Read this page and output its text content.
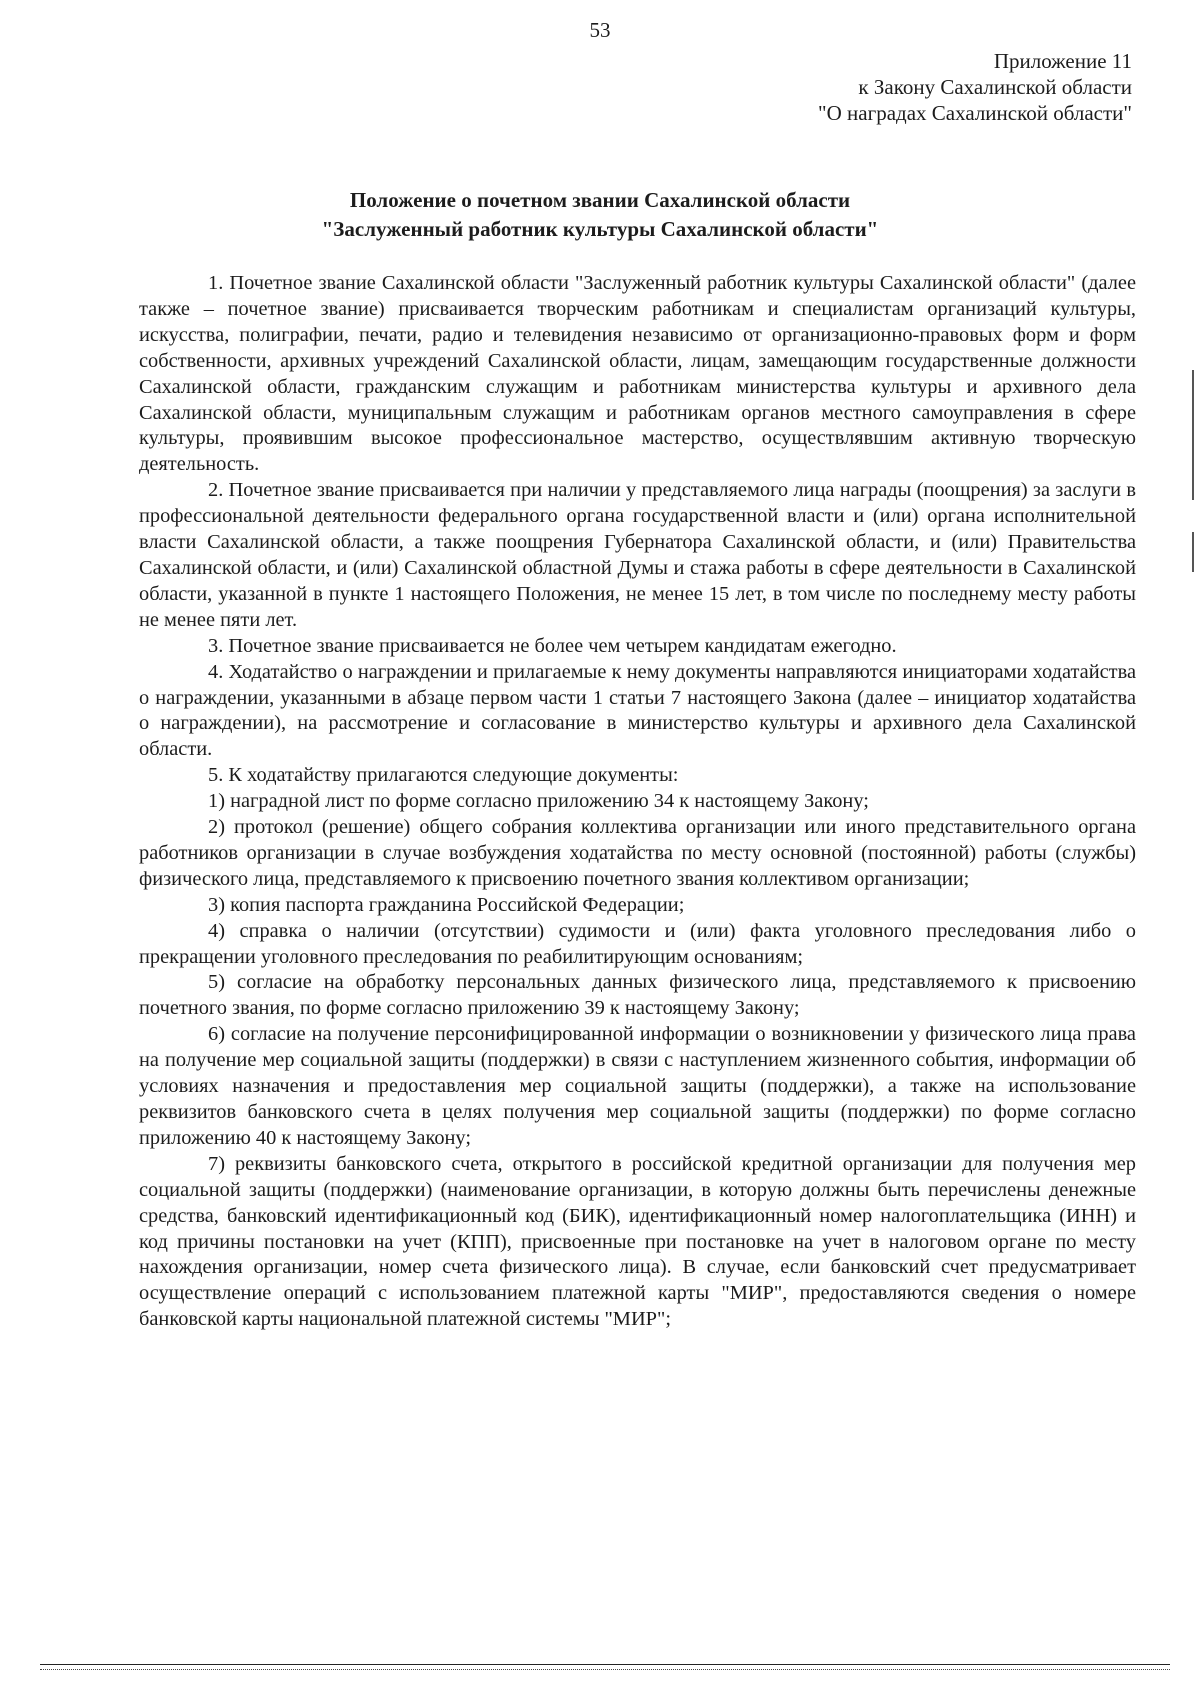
53
Приложение 11
к Закону Сахалинской области
"О наградах Сахалинской области"
Положение о почетном звании Сахалинской области
"Заслуженный работник культуры Сахалинской области"

1. Почетное звание Сахалинской области "Заслуженный работник культуры Сахалинской области" (далее также – почетное звание) присваивается творческим работникам и специалистам организаций культуры, искусства, полиграфии, печати, радио и телевидения независимо от организационно-правовых форм и форм собственности, архивных учреждений Сахалинской области, лицам, замещающим государственные должности Сахалинской области, гражданским служащим и работникам министерства культуры и архивного дела Сахалинской области, муниципальным служащим и работникам органов местного самоуправления в сфере культуры, проявившим высокое профессиональное мастерство, осуществлявшим активную творческую деятельность.

2. Почетное звание присваивается при наличии у представляемого лица награды (поощрения) за заслуги в профессиональной деятельности федерального органа государственной власти и (или) органа исполнительной власти Сахалинской области, а также поощрения Губернатора Сахалинской области, и (или) Правительства Сахалинской области, и (или) Сахалинской областной Думы и стажа работы в сфере деятельности в Сахалинской области, указанной в пункте 1 настоящего Положения, не менее 15 лет, в том числе по последнему месту работы не менее пяти лет.

3. Почетное звание присваивается не более чем четырем кандидатам ежегодно.

4. Ходатайство о награждении и прилагаемые к нему документы направляются инициаторами ходатайства о награждении, указанными в абзаце первом части 1 статьи 7 настоящего Закона (далее – инициатор ходатайства о награждении), на рассмотрение и согласование в министерство культуры и архивного дела Сахалинской области.

5. К ходатайству прилагаются следующие документы:

1) наградной лист по форме согласно приложению 34 к настоящему Закону;

2) протокол (решение) общего собрания коллектива организации или иного представительного органа работников организации в случае возбуждения ходатайства по месту основной (постоянной) работы (службы) физического лица, представляемого к присвоению почетного звания коллективом организации;

3) копия паспорта гражданина Российской Федерации;

4) справка о наличии (отсутствии) судимости и (или) факта уголовного преследования либо о прекращении уголовного преследования по реабилитирующим основаниям;

5) согласие на обработку персональных данных физического лица, представляемого к присвоению почетного звания, по форме согласно приложению 39 к настоящему Закону;

6) согласие на получение персонифицированной информации о возникновении у физического лица права на получение мер социальной защиты (поддержки) в связи с наступлением жизненного события, информации об условиях назначения и предоставления мер социальной защиты (поддержки), а также на использование реквизитов банковского счета в целях получения мер социальной защиты (поддержки) по форме согласно приложению 40 к настоящему Закону;

7) реквизиты банковского счета, открытого в российской кредитной организации для получения мер социальной защиты (поддержки) (наименование организации, в которую должны быть перечислены денежные средства, банковский идентификационный код (БИК), идентификационный номер налогоплательщика (ИНН) и код причины постановки на учет (КПП), присвоенные при постановке на учет в налоговом органе по месту нахождения организации, номер счета физического лица). В случае, если банковский счет предусматривает осуществление операций с использованием платежной карты "МИР", предоставляются сведения о номере банковской карты национальной платежной системы "МИР";
